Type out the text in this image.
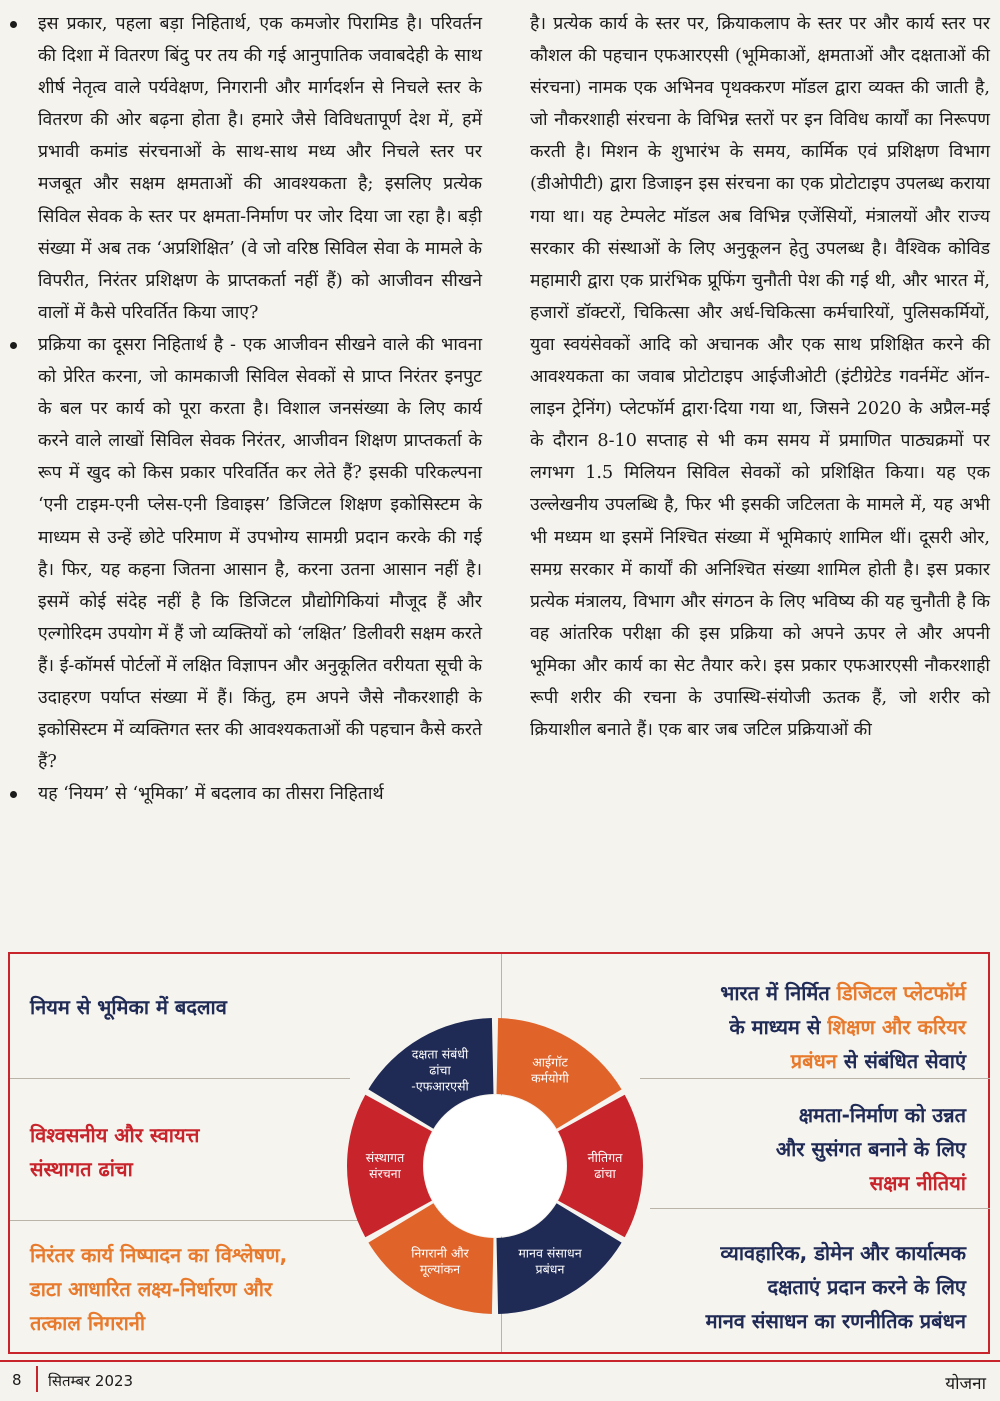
इस प्रकार, पहला बड़ा निहितार्थ, एक कमजोर पिरामिड है। परिवर्तन की दिशा में वितरण बिंदु पर तय की गई आनुपातिक जवाबदेही के साथ शीर्ष नेतृत्व वाले पर्यवेक्षण, निगरानी और मार्गदर्शन से निचले स्तर के वितरण की ओर बढ़ना होता है। हमारे जैसे विविधतापूर्ण देश में, हमें प्रभावी कमांड संरचनाओं के साथ-साथ मध्य और निचले स्तर पर मजबूत और सक्षम क्षमताओं की आवश्यकता है; इसलिए प्रत्येक सिविल सेवक के स्तर पर क्षमता-निर्माण पर जोर दिया जा रहा है। बड़ी संख्या में अब तक ‘अप्रशिक्षित’ (वे जो वरिष्ठ सिविल सेवा के मामले के विपरीत, निरंतर प्रशिक्षण के प्राप्तकर्ता नहीं हैं) को आजीवन सीखने वालों में कैसे परिवर्तित किया जाए?

प्रक्रिया का दूसरा निहितार्थ है - एक आजीवन सीखने वाले की भावना को प्रेरित करना, जो कामकाजी सिविल सेवकों से प्राप्त निरंतर इनपुट के बल पर कार्य को पूरा करता है। विशाल जनसंख्या के लिए कार्य करने वाले लाखों सिविल सेवक निरंतर, आजीवन शिक्षण प्राप्तकर्ता के रूप में खुद को किस प्रकार परिवर्तित कर लेते हैं? इसकी परिकल्पना ‘एनी टाइम-एनी प्लेस-एनी डिवाइस’ डिजिटल शिक्षण इकोसिस्टम के माध्यम से उन्हें छोटे परिमाण में उपभोग्य सामग्री प्रदान करके की गई है। फिर, यह कहना जितना आसान है, करना उतना आसान नहीं है। इसमें कोई संदेह नहीं है कि डिजिटल प्रौद्योगिकियां मौजूद हैं और एल्गोरिदम उपयोग में हैं जो व्यक्तियों को ‘लक्षित’ डिलीवरी सक्षम करते हैं। ई-कॉमर्स पोर्टलों में लक्षित विज्ञापन और अनुकूलित वरीयता सूची के उदाहरण पर्याप्त संख्या में हैं। किंतु, हम अपने जैसे नौकरशाही के इकोसिस्टम में व्यक्तिगत स्तर की आवश्यकताओं की पहचान कैसे करते हैं?

यह ‘नियम’ से ‘भूमिका’ में बदलाव का तीसरा निहितार्थ

है। प्रत्येक कार्य के स्तर पर, क्रियाकलाप के स्तर पर और कार्य स्तर पर कौशल की पहचान एफआरएसी (भूमिकाओं, क्षमताओं और दक्षताओं की संरचना) नामक एक अभिनव पृथक्करण मॉडल द्वारा व्यक्त की जाती है, जो नौकरशाही संरचना के विभिन्न स्तरों पर इन विविध कार्यों का निरूपण करती है। मिशन के शुभारंभ के समय, कार्मिक एवं प्रशिक्षण विभाग (डीओपीटी) द्वारा डिजाइन इस संरचना का एक प्रोटोटाइप उपलब्ध कराया गया था। यह टेम्पलेट मॉडल अब विभिन्न एजेंसियों, मंत्रालयों और राज्य सरकार की संस्थाओं के लिए अनुकूलन हेतु उपलब्ध है। वैश्विक कोविड महामारी द्वारा एक प्रारंभिक प्रूफिंग चुनौती पेश की गई थी, और भारत में, हजारों डॉक्टरों, चिकित्सा और अर्ध-चिकित्सा कर्मचारियों, पुलिसकर्मियों, युवा स्वयंसेवकों आदि को अचानक और एक साथ प्रशिक्षित करने की आवश्यकता का जवाब प्रोटोटाइप आईजीओटी (इंटीग्रेटेड गवर्नमेंट ऑन-लाइन ट्रेनिंग) प्लेटफॉर्म द्वारा·दिया गया था, जिसने 2020 के अप्रैल-मई के दौरान 8-10 सप्ताह से भी कम समय में प्रमाणित पाठ्यक्रमों पर लगभग 1.5 मिलियन सिविल सेवकों को प्रशिक्षित किया। यह एक उल्लेखनीय उपलब्धि है, फिर भी इसकी जटिलता के मामले में, यह अभी भी मध्यम था इसमें निश्चित संख्या में भूमिकाएं शामिल थीं। दूसरी ओर, समग्र सरकार में कार्यों की अनिश्चित संख्या शामिल होती है। इस प्रकार प्रत्येक मंत्रालय, विभाग और संगठन के लिए भविष्य की यह चुनौती है कि वह आंतरिक परीक्षा की इस प्रक्रिया को अपने ऊपर ले और अपनी भूमिका और कार्य का सेट तैयार करे। इस प्रकार एफआरएसी नौकरशाही रूपी शरीर की रचना के उपास्थि-संयोजी ऊतक हैं, जो शरीर को क्रियाशील बनाते हैं। एक बार जब जटिल प्रक्रियाओं की

नियम से भूमिका में बदलाव
विश्वसनीय और स्वायत्त
संस्थागत ढांचा
निरंतर कार्य निष्पादन का विश्लेषण,
डाटा आधारित लक्ष्य-निर्धारण और
तत्काल निगरानी
भारत में निर्मित डिजिटल प्लेटफॉर्म
के माध्यम से शिक्षण और करियर
प्रबंधन से संबंधित सेवाएं
क्षमता-निर्माण को उन्नत
और सुसंगत बनाने के लिए
सक्षम नीतियां
व्यावहारिक, डोमेन और कार्यात्मक
दक्षताएं प्रदान करने के लिए
मानव संसाधन का रणनीतिक प्रबंधन
आईगॉट कर्मयोगी
नीतिगत ढांचा
मानव संसाधन प्रबंधन
निगरानी और मूल्यांकन
संस्थागत संरचना
दक्षता संबंधी ढांचा -एफआरएसी
8 सितम्बर 2023	योजना
